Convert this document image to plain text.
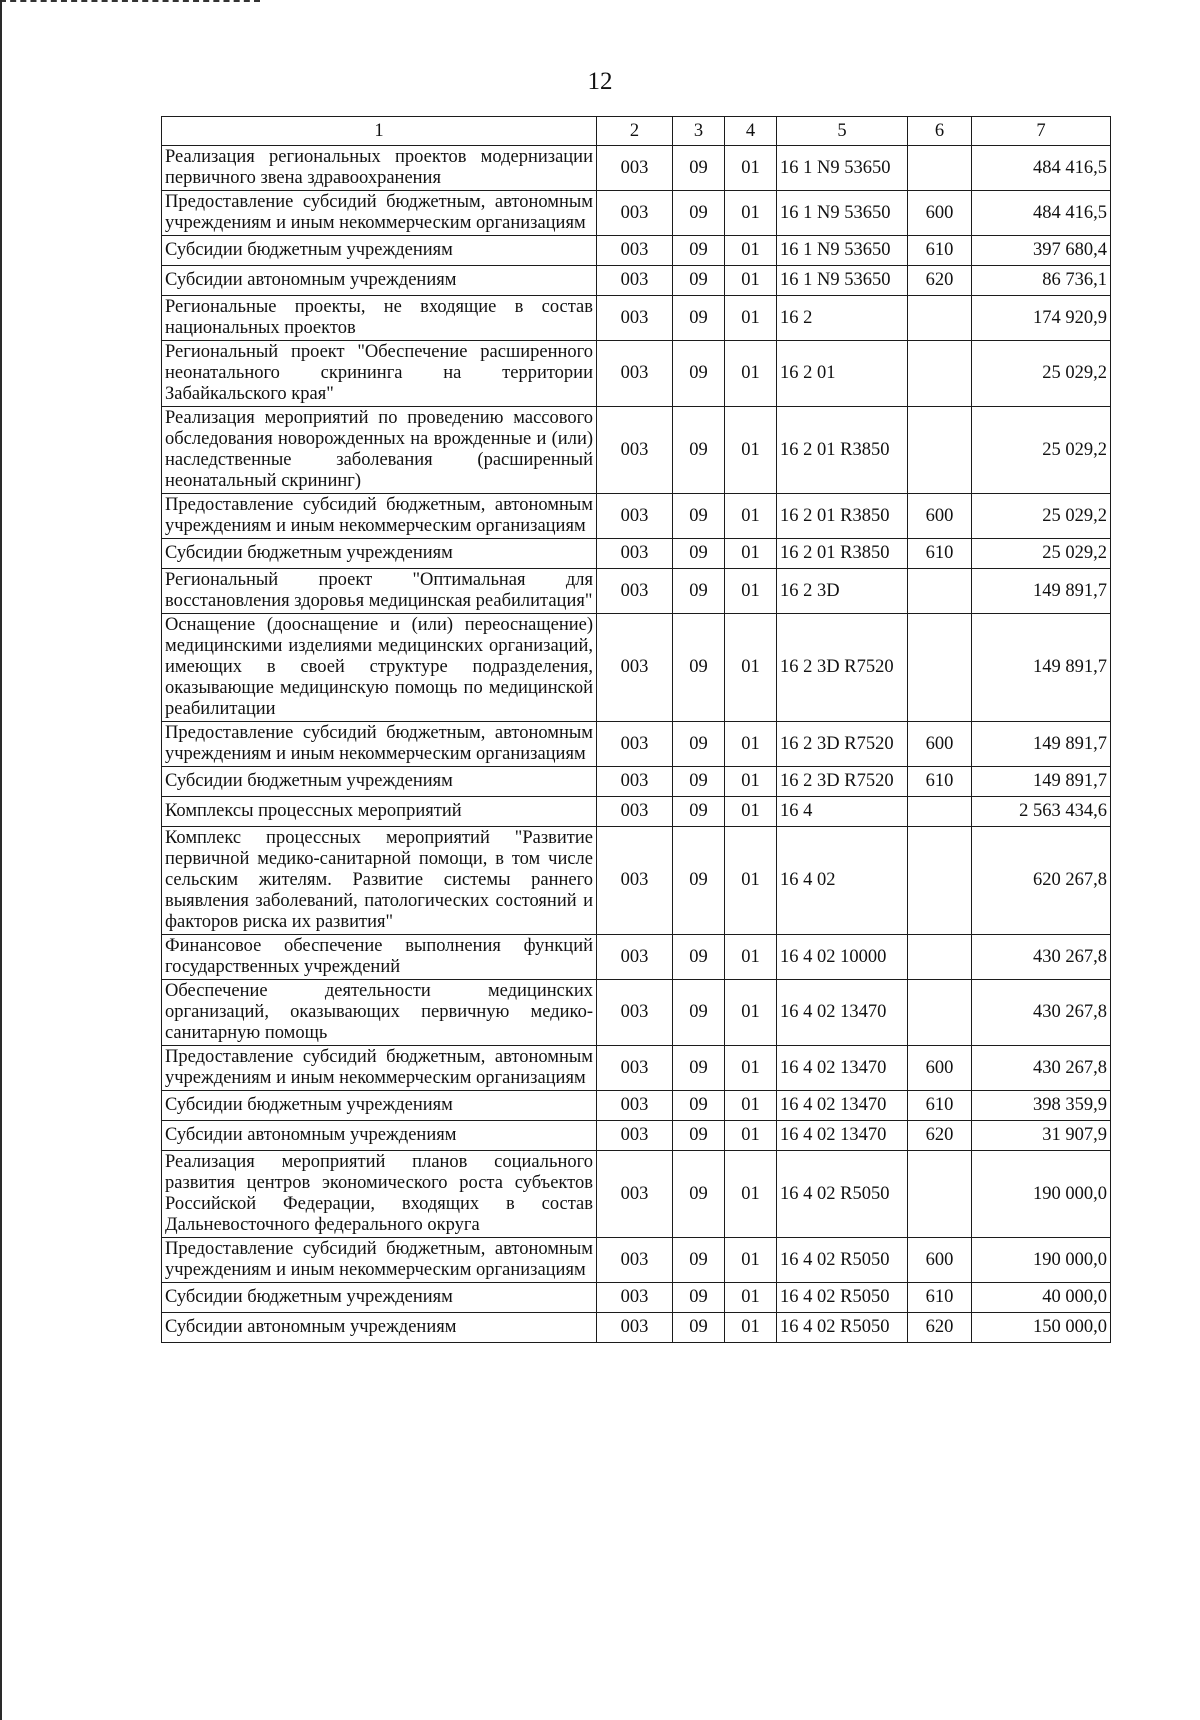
12
1	2	3	4	5	6	7
Реализация региональных проектов модернизации первичного звена здравоохранения	003	09	01	16 1 N9 53650		484 416,5
Предоставление субсидий бюджетным, автономным учреждениям и иным некоммерческим организациям	003	09	01	16 1 N9 53650	600	484 416,5
Субсидии бюджетным учреждениям	003	09	01	16 1 N9 53650	610	397 680,4
Субсидии автономным учреждениям	003	09	01	16 1 N9 53650	620	86 736,1
Региональные проекты, не входящие в состав национальных проектов	003	09	01	16 2		174 920,9
Региональный проект "Обеспечение расширенного неонатального скрининга на территории Забайкальского края"	003	09	01	16 2 01		25 029,2
Реализация мероприятий по проведению массового обследования новорожденных на врожденные и (или) наследственные заболевания (расширенный неонатальный скрининг)	003	09	01	16 2 01 R3850		25 029,2
Предоставление субсидий бюджетным, автономным учреждениям и иным некоммерческим организациям	003	09	01	16 2 01 R3850	600	25 029,2
Субсидии бюджетным учреждениям	003	09	01	16 2 01 R3850	610	25 029,2
Региональный проект "Оптимальная для восстановления здоровья медицинская реабилитация"	003	09	01	16 2 3D		149 891,7
Оснащение (дооснащение и (или) переоснащение) медицинскими изделиями медицинских организаций, имеющих в своей структуре подразделения, оказывающие медицинскую помощь по медицинской реабилитации	003	09	01	16 2 3D R7520		149 891,7
Предоставление субсидий бюджетным, автономным учреждениям и иным некоммерческим организациям	003	09	01	16 2 3D R7520	600	149 891,7
Субсидии бюджетным учреждениям	003	09	01	16 2 3D R7520	610	149 891,7
Комплексы процессных мероприятий	003	09	01	16 4		2 563 434,6
Комплекс процессных мероприятий "Развитие первичной медико-санитарной помощи, в том числе сельским жителям. Развитие системы раннего выявления заболеваний, патологических состояний и факторов риска их развития"	003	09	01	16 4 02		620 267,8
Финансовое обеспечение выполнения функций государственных учреждений	003	09	01	16 4 02 10000		430 267,8
Обеспечение деятельности медицинских организаций, оказывающих первичную медико-санитарную помощь	003	09	01	16 4 02 13470		430 267,8
Предоставление субсидий бюджетным, автономным учреждениям и иным некоммерческим организациям	003	09	01	16 4 02 13470	600	430 267,8
Субсидии бюджетным учреждениям	003	09	01	16 4 02 13470	610	398 359,9
Субсидии автономным учреждениям	003	09	01	16 4 02 13470	620	31 907,9
Реализация мероприятий планов социального развития центров экономического роста субъектов Российской Федерации, входящих в состав Дальневосточного федерального округа	003	09	01	16 4 02 R5050		190 000,0
Предоставление субсидий бюджетным, автономным учреждениям и иным некоммерческим организациям	003	09	01	16 4 02 R5050	600	190 000,0
Субсидии бюджетным учреждениям	003	09	01	16 4 02 R5050	610	40 000,0
Субсидии автономным учреждениям	003	09	01	16 4 02 R5050	620	150 000,0
